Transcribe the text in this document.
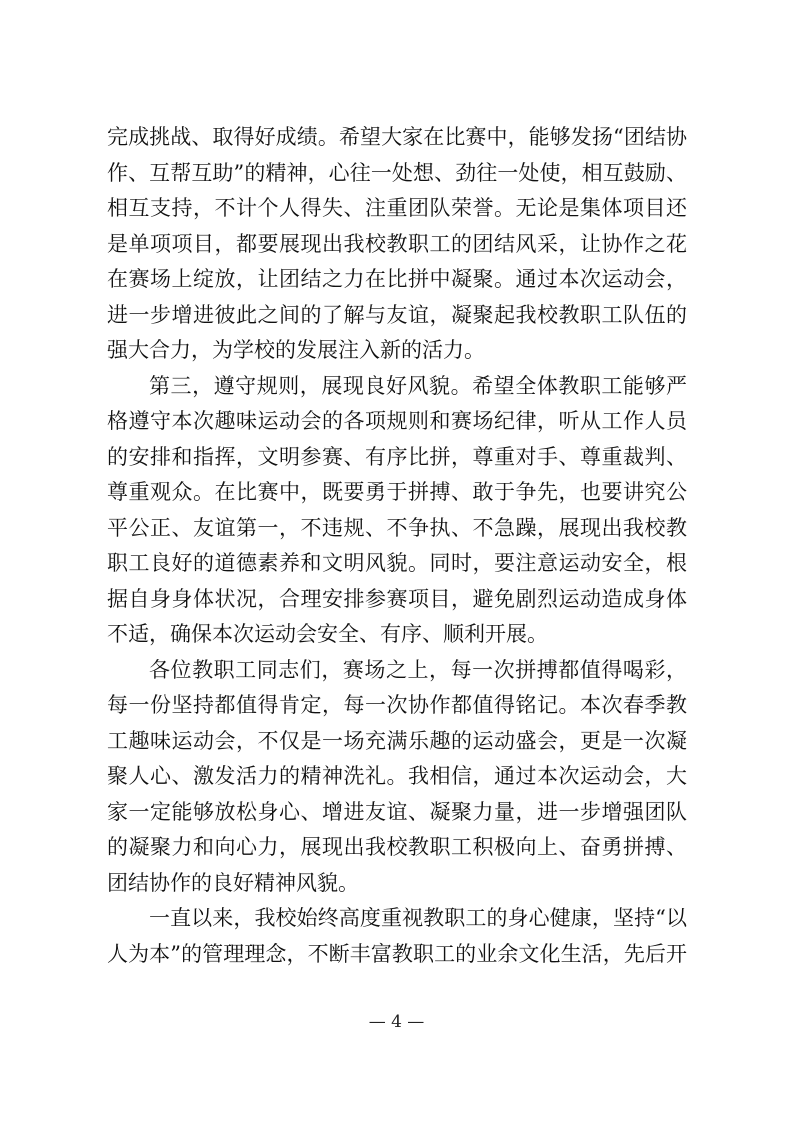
完成挑战、取得好成绩。希望大家在比赛中，能够发扬“团结协
作、互帮互助”的精神，心往一处想、劲往一处使，相互鼓励、
相互支持，不计个人得失、注重团队荣誉。无论是集体项目还
是单项项目，都要展现出我校教职工的团结风采，让协作之花
在赛场上绽放，让团结之力在比拼中凝聚。通过本次运动会，
进一步增进彼此之间的了解与友谊，凝聚起我校教职工队伍的
强大合力，为学校的发展注入新的活力。
第三，遵守规则，展现良好风貌。希望全体教职工能够严
格遵守本次趣味运动会的各项规则和赛场纪律，听从工作人员
的安排和指挥，文明参赛、有序比拼，尊重对手、尊重裁判、
尊重观众。在比赛中，既要勇于拼搏、敢于争先，也要讲究公
平公正、友谊第一，不违规、不争执、不急躁，展现出我校教
职工良好的道德素养和文明风貌。同时，要注意运动安全，根
据自身身体状况，合理安排参赛项目，避免剧烈运动造成身体
不适，确保本次运动会安全、有序、顺利开展。
各位教职工同志们，赛场之上，每一次拼搏都值得喝彩，
每一份坚持都值得肯定，每一次协作都值得铭记。本次春季教
工趣味运动会，不仅是一场充满乐趣的运动盛会，更是一次凝
聚人心、激发活力的精神洗礼。我相信，通过本次运动会，大
家一定能够放松身心、增进友谊、凝聚力量，进一步增强团队
的凝聚力和向心力，展现出我校教职工积极向上、奋勇拼搏、
团结协作的良好精神风貌。
一直以来，我校始终高度重视教职工的身心健康，坚持“以
人为本”的管理理念，不断丰富教职工的业余文化生活，先后开
— 4 —
